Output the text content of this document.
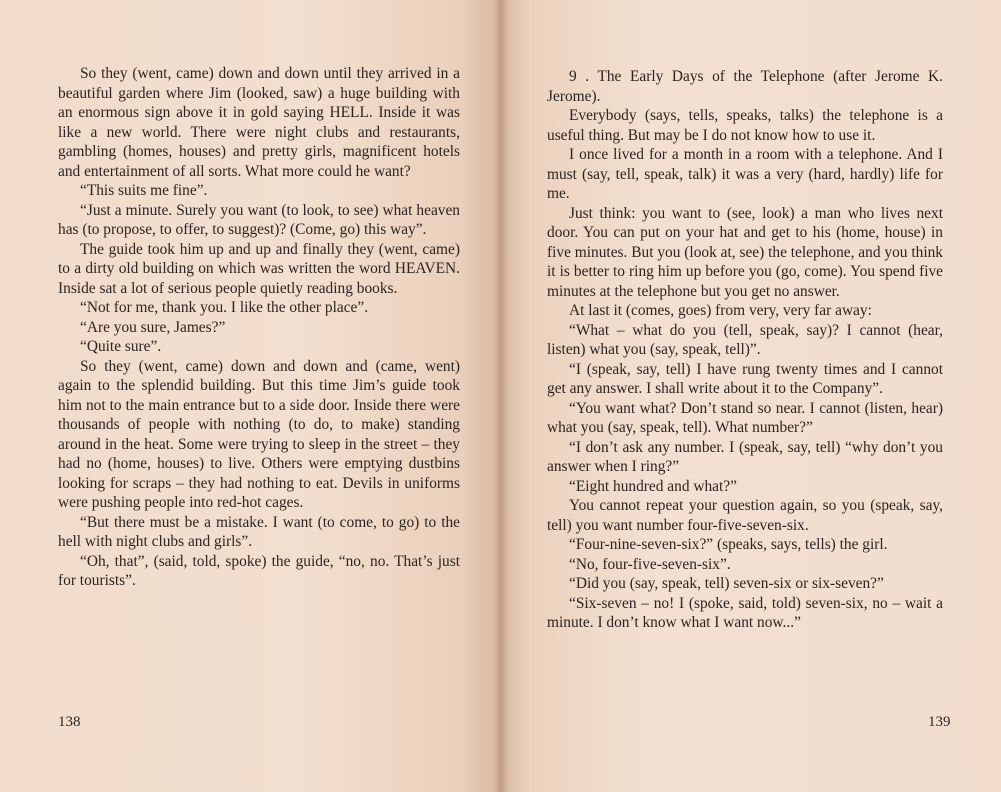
So they (went, came) down and down until they arrived in a beautiful garden where Jim (looked, saw) a huge building with an enormous sign above it in gold saying HELL. Inside it was like a new world. There were night clubs and restaurants, gambling (homes, houses) and pretty girls, magnificent hotels and entertainment of all sorts. What more could he want?

“This suits me fine”.

“Just a minute. Surely you want (to look, to see) what heaven has (to propose, to offer, to suggest)? (Come, go) this way”.

The guide took him up and up and finally they (went, came) to a dirty old building on which was written the word HEAVEN. Inside sat a lot of serious people quietly reading books.

“Not for me, thank you. I like the other place”.

“Are you sure, James?”

“Quite sure”.

So they (went, came) down and down and (came, went) again to the splendid building. But this time Jim’s guide took him not to the main entrance but to a side door. Inside there were thousands of people with nothing (to do, to make) standing around in the heat. Some were trying to sleep in the street – they had no (home, houses) to live. Others were emptying dustbins looking for scraps – they had nothing to eat. Devils in uniforms were pushing people into red-hot cages.

“But there must be a mistake. I want (to come, to go) to the hell with night clubs and girls”.

“Oh, that”, (said, told, spoke) the guide, “no, no. That’s just for tourists”.

138

9 . The Early Days of the Telephone (after Jerome K. Jerome).

Everybody (says, tells, speaks, talks) the telephone is a useful thing. But may be I do not know how to use it.

I once lived for a month in a room with a telephone. And I must (say, tell, speak, talk) it was a very (hard, hardly) life for me.

Just think: you want to (see, look) a man who lives next door. You can put on your hat and get to his (home, house) in five minutes. But you (look at, see) the telephone, and you think it is better to ring him up before you (go, come). You spend five minutes at the telephone but you get no answer.

At last it (comes, goes) from very, very far away:

“What – what do you (tell, speak, say)? I cannot (hear, listen) what you (say, speak, tell)”.

“I (speak, say, tell) I have rung twenty times and I cannot get any answer. I shall write about it to the Company”.

“You want what? Don’t stand so near. I cannot (listen, hear) what you (say, speak, tell). What number?”

“I don’t ask any number. I (speak, say, tell) “why don’t you answer when I ring?”

“Eight hundred and what?”

You cannot repeat your question again, so you (speak, say, tell) you want number four-five-seven-six.

“Four-nine-seven-six?” (speaks, says, tells) the girl.

“No, four-five-seven-six”.

“Did you (say, speak, tell) seven-six or six-seven?”

“Six-seven – no! I (spoke, said, told) seven-six, no – wait a minute. I don’t know what I want now...”

139
